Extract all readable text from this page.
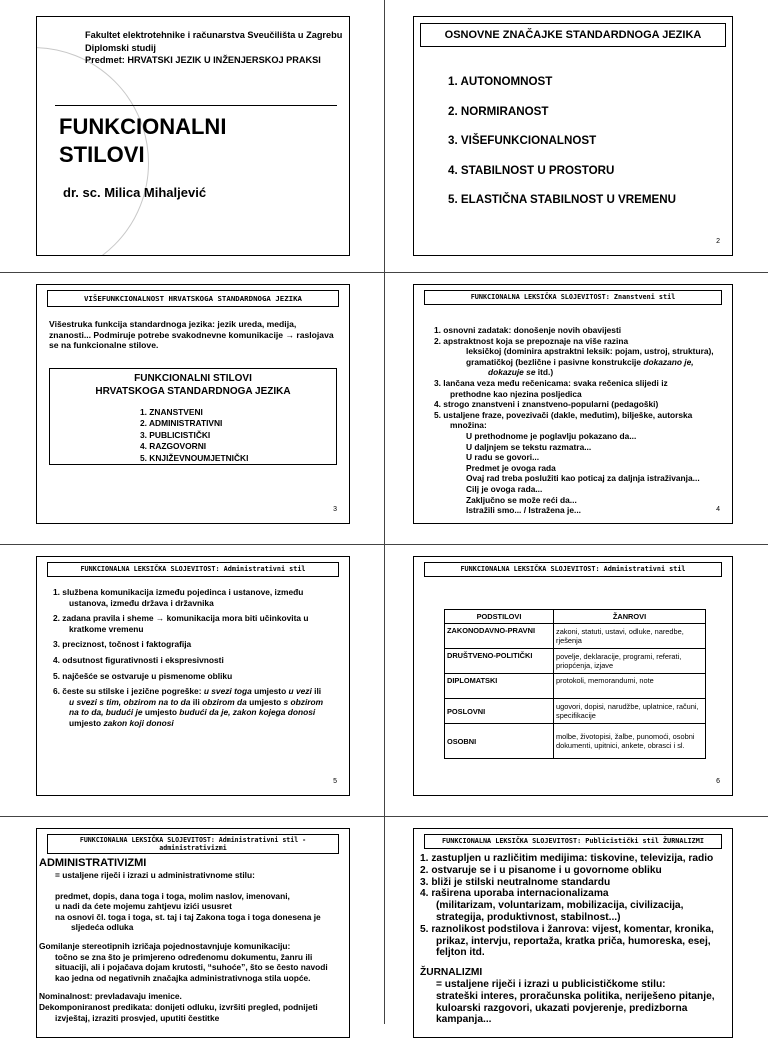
Fakultet elektrotehnike i računarstva Sveučilišta u Zagrebu
Diplomski studij
Predmet: HRVATSKI JEZIK U INŽENJERSKOJ PRAKSI
FUNKCIONALNI
STILOVI
dr. sc. Milica Mihaljević
OSNOVNE ZNAČAJKE STANDARDNOGA JEZIKA
1. AUTONOMNOST
2. NORMIRANOST
3. VIŠEFUNKCIONALNOST
4. STABILNOST U PROSTORU
5. ELASTIČNA STABILNOST U VREMENU
2
VIŠEFUNKCIONALNOST HRVATSKOGA STANDARDNOGA JEZIKA
Višestruka funkcija standardnoga jezika: jezik ureda, medija, znanosti... Podmiruje potrebe svakodnevne komunikacije → raslojava se na funkcionalne stilove.
FUNKCIONALNI STILOVI
HRVATSKOGA STANDARDNOGA JEZIKA
1. ZNANSTVENI
2. ADMINISTRATIVNI
3. PUBLICISTIČKI
4. RAZGOVORNI
5. KNJIŽEVNOUMJETNIČKI
3
FUNKCIONALNA LEKSIČKA SLOJEVITOST: Znanstveni stil
1. osnovni zadatak: donošenje novih obavijesti
2. apstraktnost koja se prepoznaje na više razina
leksičkoj (dominira apstraktni leksik: pojam, ustroj, struktura),
gramatičkoj (bezlične i pasivne konstrukcije dokazano je,
dokazuje se itd.)
3. lančana veza među rečenicama: svaka rečenica slijedi iz
prethodne kao njezina posljedica
4. strogo znanstveni i znanstveno-popularni (pedagoški)
5. ustaljene fraze, povezivači (dakle, međutim), bilješke, autorska
množina:
U prethodnome je poglavlju pokazano da...
U daljnjem se tekstu razmatra...
U radu se govori...
Predmet je ovoga rada
Ovaj rad treba poslužiti kao poticaj za daljnja istraživanja...
Cilj je ovoga rada...
Zaključno se može reći da...
Istražili smo... / Istražena je...	4
FUNKCIONALNA LEKSIČKA SLOJEVITOST: Administrativni stil
1. službena komunikacija između pojedinca i ustanove, između
ustanova, između država i državnika
2. zadana pravila i sheme → komunikacija mora biti učinkovita u
kratkome vremenu
3. preciznost, točnost i faktografija
4. odsutnost figurativnosti i ekspresivnosti
5. najčešće se ostvaruje u pismenome obliku
6. česte su stilske i jezične pogreške: u svezi toga umjesto u vezi ili
u svezi s tim, obzirom na to da ili obzirom da umjesto s obzirom
na to da, budući je umjesto budući da je, zakon kojega donosi
umjesto zakon koji donosi
5
FUNKCIONALNA LEKSIČKA SLOJEVITOST: Administrativni stil
PODSTILOVI	ŽANROVI
ZAKONODAVNO-PRAVNI	zakoni, statuti, ustavi, odluke, naredbe, rješenja
DRUŠTVENO-POLITIČKI	povelje, deklaracije, programi, referati, priopćenja, izjave
DIPLOMATSKI	protokoli, memorandumi, note
POSLOVNI	ugovori, dopisi, narudžbe, uplatnice, računi, specifikacije
OSOBNI	molbe, životopisi, žalbe, punomoći, osobni dokumenti, upitnici, ankete, obrasci i sl.
6
FUNKCIONALNA LEKSIČKA SLOJEVITOST: Administrativni stil -
administrativizmi
ADMINISTRATIVIZMI
= ustaljene riječi i izrazi u administrativnome stilu:
predmet, dopis, dana toga i toga, molim naslov, imenovani,
u nadi da ćete mojemu zahtjevu izići ususret
na osnovi čl. toga i toga, st. taj i taj Zakona toga i toga donesena je
sljedeća odluka
Gomilanje stereotipnih izričaja pojednostavnjuje komunikaciju:
točno se zna što je primjereno određenomu dokumentu, žanru ili
situaciji, ali i pojačava dojam krutosti, “suhoće”, što se često navodi
kao jedna od negativnih značajka administrativnoga stila uopće.
Nominalnost: prevladavaju imenice.
Dekomponiranost predikata: donijeti odluku, izvršiti pregled, podnijeti
izvještaj, izraziti prosvjed, uputiti čestitke
FUNKCIONALNA LEKSIČKA SLOJEVITOST: Publicistički stil ŽURNALIZMI
1. zastupljen u različitim medijima: tiskovine, televizija, radio
2. ostvaruje se i u pisanome i u govornome obliku
3. bliži je stilski neutralnome standardu
4. raširena uporaba internacionalizama
(militarizam, voluntarizam, mobilizacija, civilizacija,
strategija, produktivnost, stabilnost...)
5. raznolikost podstilova i žanrova: vijest, komentar, kronika,
prikaz, intervju, reportaža, kratka priča, humoreska, esej,
feljton itd.
ŽURNALIZMI
= ustaljene riječi i izrazi u publicističkome stilu:
strateški interes, proračunska politika, neriješeno pitanje,
kuloarski razgovori, ukazati povjerenje, predizborna
kampanja...
